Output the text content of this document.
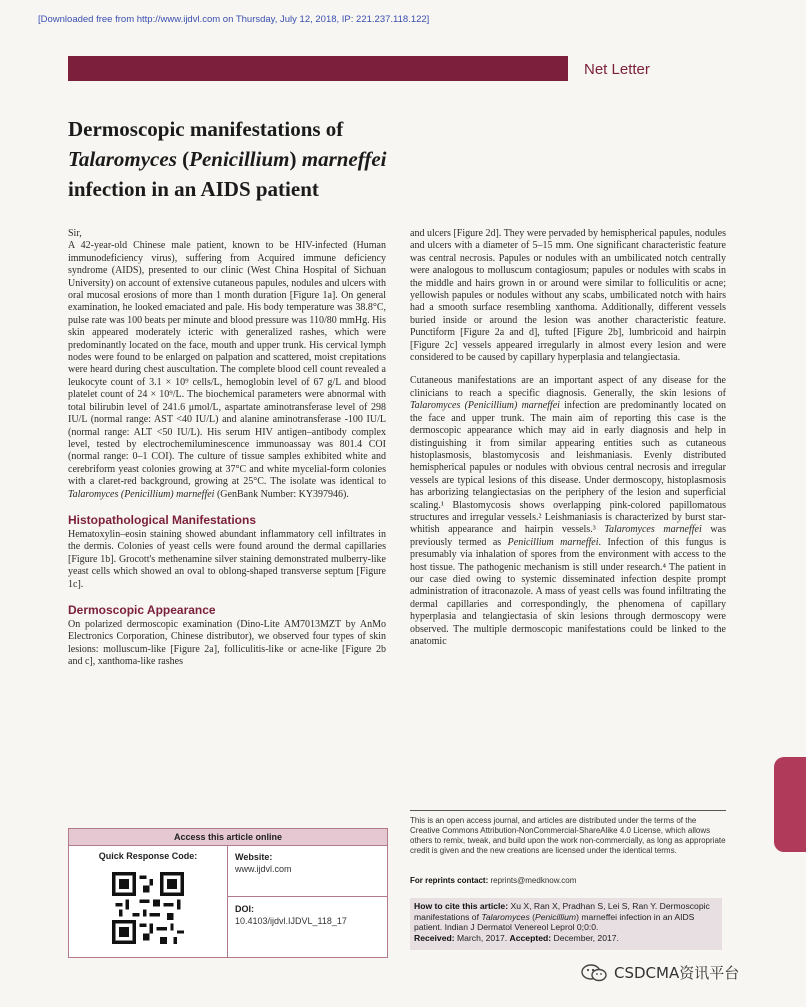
[Downloaded free from http://www.ijdvl.com on Thursday, July 12, 2018, IP: 221.237.118.122]
Net Letter
Dermoscopic manifestations of
Talaromyces (Penicillium) marneffei
infection in an AIDS patient

Sir,

A 42-year-old Chinese male patient, known to be HIV-infected (Human immunodeficiency virus), suffering from Acquired immune deficiency syndrome (AIDS), presented to our clinic (West China Hospital of Sichuan University) on account of extensive cutaneous papules, nodules and ulcers with oral mucosal erosions of more than 1 month duration [Figure 1a]. On general examination, he looked emaciated and pale. His body temperature was 38.8°C, pulse rate was 100 beats per minute and blood pressure was 110/80 mmHg. His skin appeared moderately icteric with generalized rashes, which were predominantly located on the face, mouth and upper trunk. His cervical lymph nodes were found to be enlarged on palpation and scattered, moist crepitations were heard during chest auscultation. The complete blood cell count revealed a leukocyte count of 3.1 × 10⁹ cells/L, hemoglobin level of 67 g/L and blood platelet count of 24 × 10⁹/L. The biochemical parameters were abnormal with total bilirubin level of 241.6 μmol/L, aspartate aminotransferase level of 298 IU/L (normal range: AST <40 IU/L) and alanine aminotransferase -100 IU/L (normal range: ALT <50 IU/L). His serum HIV antigen–antibody complex level, tested by electrochemiluminescence immunoassay was 801.4 COI (normal range: 0–1 COI). The culture of tissue samples exhibited white and cerebriform yeast colonies growing at 37°C and white mycelial-form colonies with a claret-red background, growing at 25°C. The isolate was identical to Talaromyces (Penicillium) marneffei (GenBank Number: KY397946).

Histopathological Manifestations

Hematoxylin–eosin staining showed abundant inflammatory cell infiltrates in the dermis. Colonies of yeast cells were found around the dermal capillaries [Figure 1b]. Grocott's methenamine silver staining demonstrated mulberry-like yeast cells which showed an oval to oblong-shaped transverse septum [Figure 1c].

Dermoscopic Appearance

On polarized dermoscopic examination (Dino-Lite AM7013MZT by AnMo Electronics Corporation, Chinese distributor), we observed four types of skin lesions: molluscum-like [Figure 2a], folliculitis-like or acne-like [Figure 2b and c], xanthoma-like rashes

and ulcers [Figure 2d]. They were pervaded by hemispherical papules, nodules and ulcers with a diameter of 5–15 mm. One significant characteristic feature was central necrosis. Papules or nodules with an umbilicated notch centrally were analogous to molluscum contagiosum; papules or nodules with scabs in the middle and hairs grown in or around were similar to folliculitis or acne; yellowish papules or nodules without any scabs, umbilicated notch with hairs had a smooth surface resembling xanthoma. Additionally, different vessels buried inside or around the lesion was another characteristic feature. Punctiform [Figure 2a and d], tufted [Figure 2b], lumbricoid and hairpin [Figure 2c] vessels appeared irregularly in almost every lesion and were considered to be caused by capillary hyperplasia and telangiectasia.

Cutaneous manifestations are an important aspect of any disease for the clinicians to reach a specific diagnosis. Generally, the skin lesions of Talaromyces (Penicillium) marneffei infection are predominantly located on the face and upper trunk. The main aim of reporting this case is the dermoscopic appearance which may aid in early diagnosis and help in distinguishing it from similar appearing entities such as cutaneous histoplasmosis, blastomycosis and leishmaniasis. Evenly distributed hemispherical papules or nodules with obvious central necrosis and irregular vessels are typical lesions of this disease. Under dermoscopy, histoplasmosis has arborizing telangiectasias on the periphery of the lesion and superficial scaling.¹ Blastomycosis shows overlapping pink-colored papillomatous structures and irregular vessels.² Leishmaniasis is characterized by burst star-whitish appearance and hairpin vessels.³ Talaromyces marneffei was previously termed as Penicillium marneffei. Infection of this fungus is presumably via inhalation of spores from the environment with access to the host tissue. The pathogenic mechanism is still under research.⁴ The patient in our case died owing to systemic disseminated infection despite prompt administration of itraconazole. A mass of yeast cells was found infiltrating the dermal capillaries and correspondingly, the phenomena of capillary hyperplasia and telangiectasia of skin lesions through dermoscopy were observed. The multiple dermoscopic manifestations could be linked to the anatomic

Access this article online
Quick Response Code:	Website:
www.ijdvl.com
DOI:
10.4103/ijdvl.IJDVL_118_17
This is an open access journal, and articles are distributed under the terms of the Creative Commons Attribution-NonCommercial-ShareAlike 4.0 License, which allows others to remix, tweak, and build upon the work non-commercially, as long as appropriate credit is given and the new creations are licensed under the identical terms.
For reprints contact: reprints@medknow.com
How to cite this article: Xu X, Ran X, Pradhan S, Lei S, Ran Y. Dermoscopic manifestations of Talaromyces (Penicillium) marneffei infection in an AIDS patient. Indian J Dermatol Venereol Leprol 0;0:0.
Received: March, 2017. Accepted: December, 2017.
CSDCMA资讯平台
